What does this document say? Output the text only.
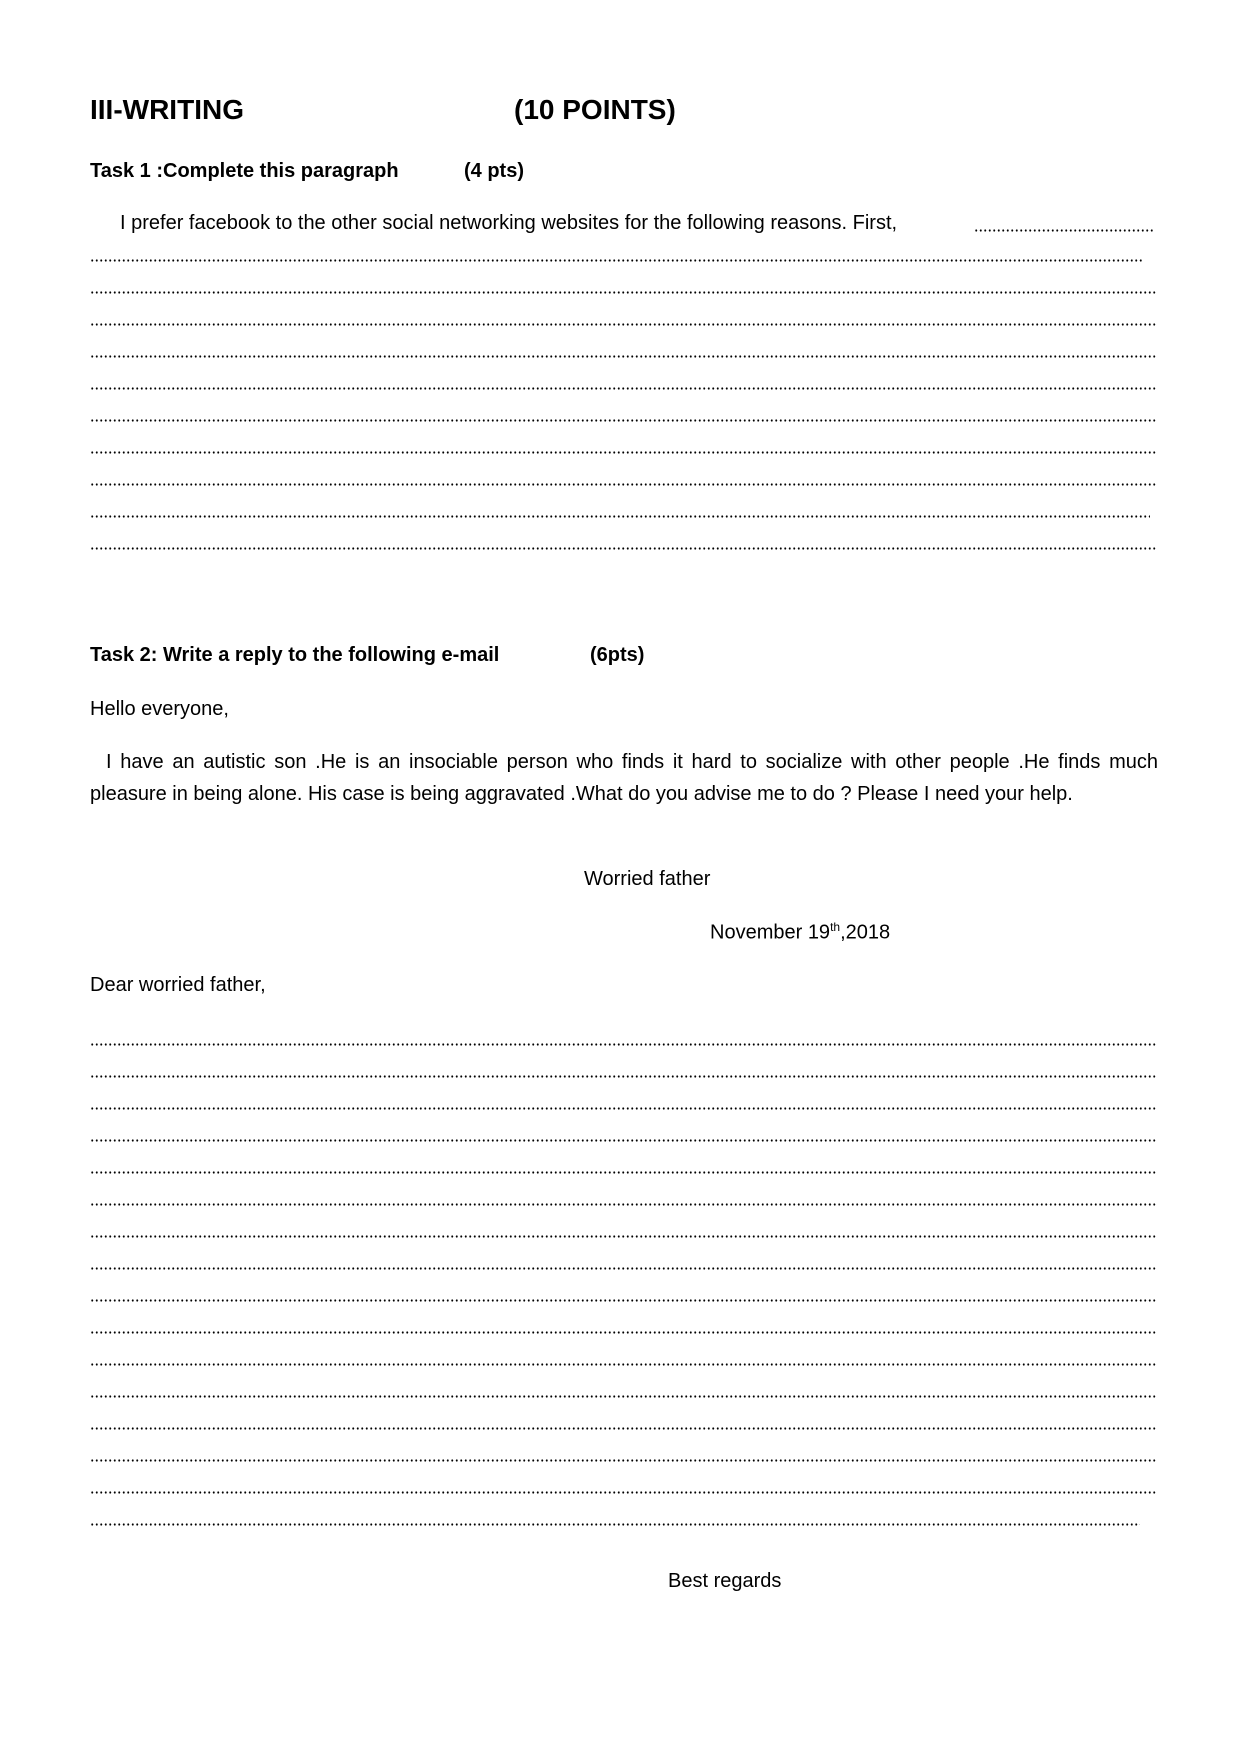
III-WRITING	(10 POINTS)
Task 1 :Complete this paragraph	(4 pts)
I prefer facebook to the other social networking websites for the following reasons. First,
Task 2: Write a reply to the following e-mail	(6pts)
Hello everyone,
I have an autistic son .He is an insociable person who finds it hard to socialize with other people .He finds much pleasure in being alone. His case is being aggravated .What do you advise me to do ? Please I need your help.
Worried father
November 19th,2018
Dear worried father,
Best regards
